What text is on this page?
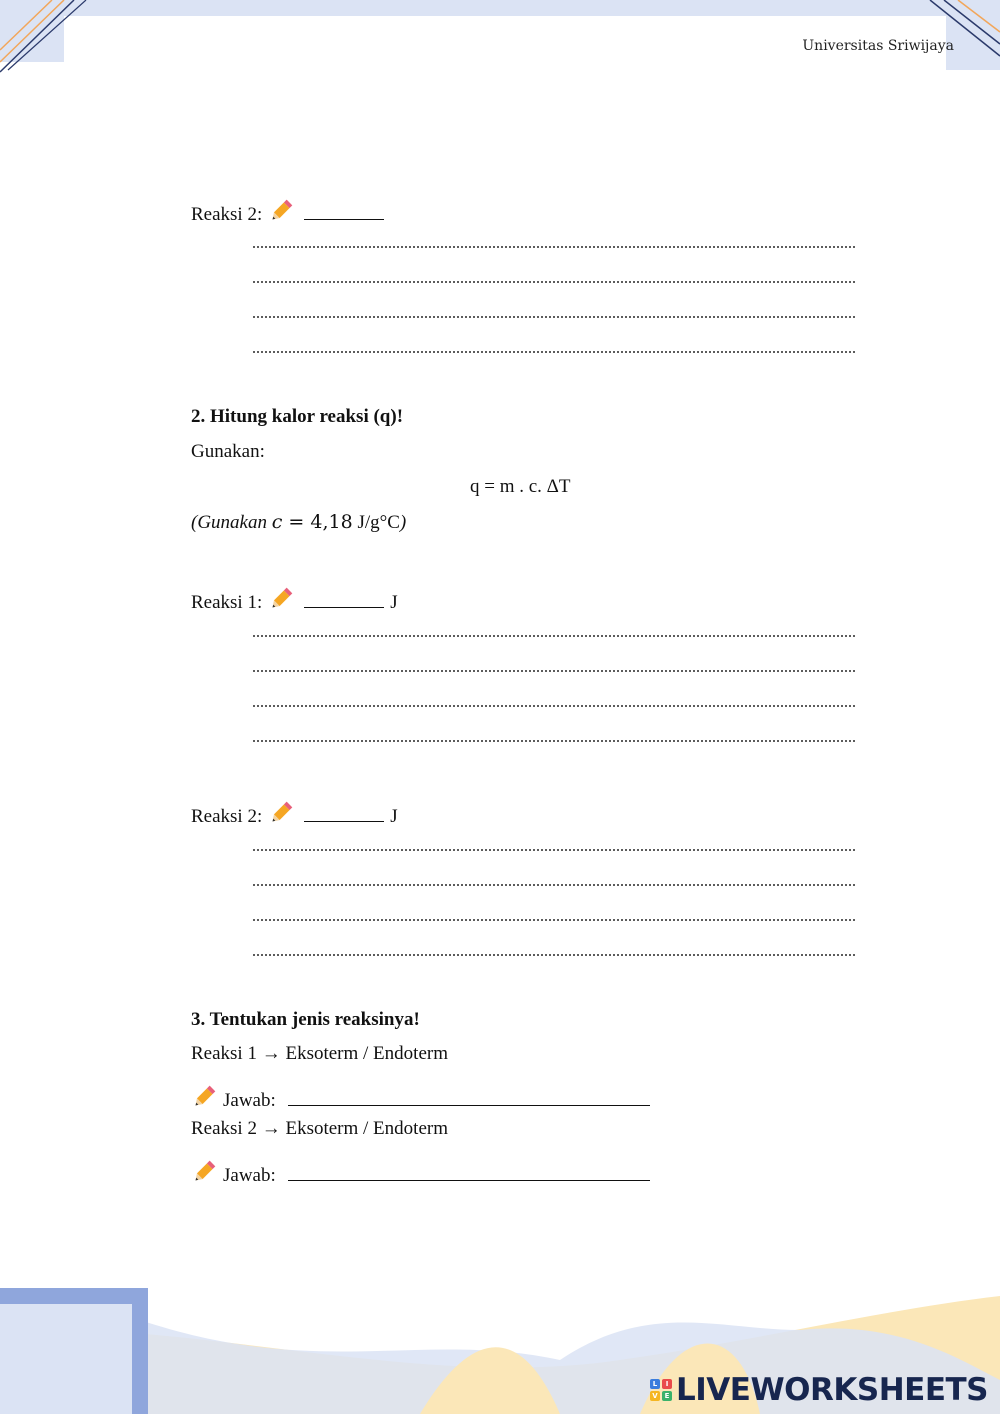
Universitas Sriwijaya
Reaksi 2:
2. Hitung kalor reaksi (q)!
Gunakan:
q = m . c. ΔT
(Gunakan c = 4,18 J/g°C)
Reaksi 1:	J
Reaksi 2:	J
3. Tentukan jenis reaksinya!
Reaksi 1 → Eksoterm / Endoterm
Jawab:
Reaksi 2 → Eksoterm / Endoterm
Jawab:
L	I
V E LIVEWORKSHEETS
